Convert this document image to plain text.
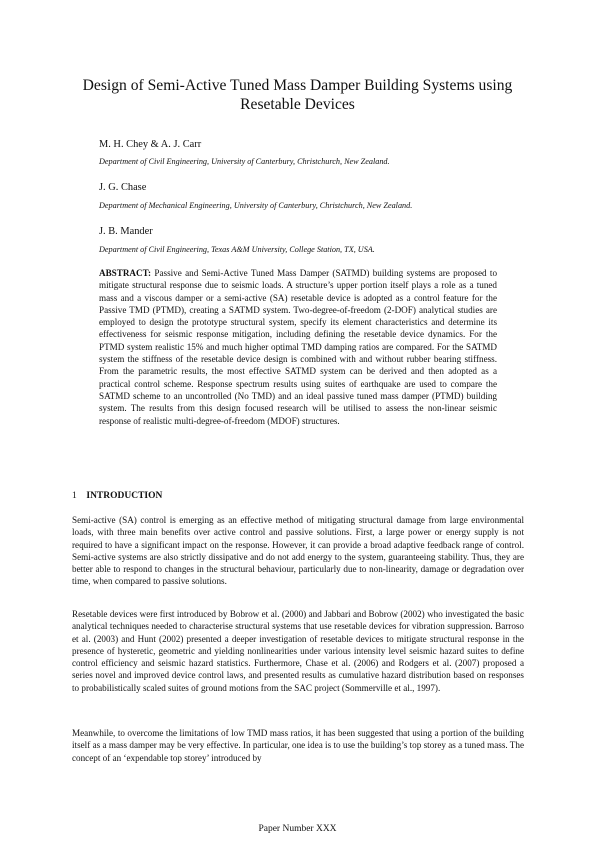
Design of Semi-Active Tuned Mass Damper Building Systems using Resetable Devices
M. H. Chey & A. J. Carr
Department of Civil Engineering, University of Canterbury, Christchurch, New Zealand.
J. G. Chase
Department of Mechanical Engineering, University of Canterbury, Christchurch, New Zealand.
J. B. Mander
Department of Civil Engineering, Texas A&M University, College Station, TX, USA.
ABSTRACT: Passive and Semi-Active Tuned Mass Damper (SATMD) building systems are proposed to mitigate structural response due to seismic loads. A structure’s upper portion itself plays a role as a tuned mass and a viscous damper or a semi-active (SA) resetable device is adopted as a control feature for the Passive TMD (PTMD), creating a SATMD system. Two-degree-of-freedom (2-DOF) analytical studies are employed to design the prototype structural system, specify its element characteristics and determine its effectiveness for seismic response mitigation, including defining the resetable device dynamics. For the PTMD system realistic 15% and much higher optimal TMD damping ratios are compared. For the SATMD system the stiffness of the resetable device design is combined with and without rubber bearing stiffness. From the parametric results, the most effective SATMD system can be derived and then adopted as a practical control scheme. Response spectrum results using suites of earthquake are used to compare the SATMD scheme to an uncontrolled (No TMD) and an ideal passive tuned mass damper (PTMD) building system. The results from this design focused research will be utilised to assess the non-linear seismic response of realistic multi-degree-of-freedom (MDOF) structures.
1 INTRODUCTION

Semi-active (SA) control is emerging as an effective method of mitigating structural damage from large environmental loads, with three main benefits over active control and passive solutions. First, a large power or energy supply is not required to have a significant impact on the response. However, it can provide a broad adaptive feedback range of control. Semi-active systems are also strictly dissipative and do not add energy to the system, guaranteeing stability. Thus, they are better able to respond to changes in the structural behaviour, particularly due to non-linearity, damage or degradation over time, when compared to passive solutions.

Resetable devices were first introduced by Bobrow et al. (2000) and Jabbari and Bobrow (2002) who investigated the basic analytical techniques needed to characterise structural systems that use resetable devices for vibration suppression. Barroso et al. (2003) and Hunt (2002) presented a deeper investigation of resetable devices to mitigate structural response in the presence of hysteretic, geometric and yielding nonlinearities under various intensity level seismic hazard suites to define control efficiency and seismic hazard statistics. Furthermore, Chase et al. (2006) and Rodgers et al. (2007) proposed a series novel and improved device control laws, and presented results as cumulative hazard distribution based on responses to probabilistically scaled suites of ground motions from the SAC project (Sommerville et al., 1997).

Meanwhile, to overcome the limitations of low TMD mass ratios, it has been suggested that using a portion of the building itself as a mass damper may be very effective. In particular, one idea is to use the building’s top storey as a tuned mass. The concept of an ‘expendable top storey’ introduced by

Paper Number XXX
